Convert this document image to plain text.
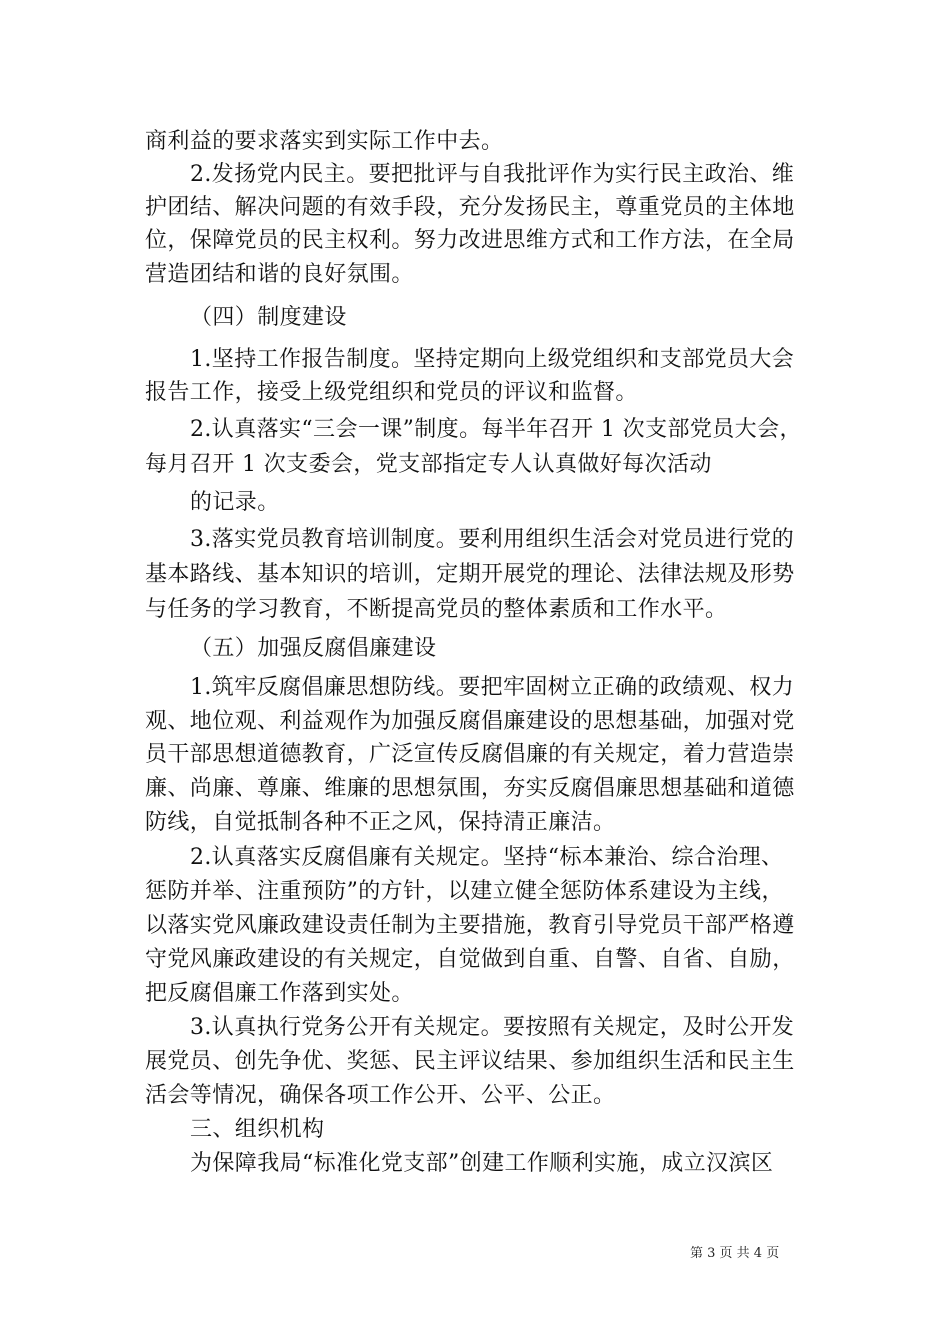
商利益的要求落实到实际工作中去。
2.发扬党内民主。要把批评与自我批评作为实行民主政治、维
护团结、解决问题的有效手段，充分发扬民主，尊重党员的主体地
位，保障党员的民主权利。努力改进思维方式和工作方法，在全局
营造团结和谐的良好氛围。
（四）制度建设
1.坚持工作报告制度。坚持定期向上级党组织和支部党员大会
报告工作，接受上级党组织和党员的评议和监督。
2.认真落实“三会一课”制度。每半年召开 1 次支部党员大会，
每月召开 1 次支委会，党支部指定专人认真做好每次活动
的记录。
3.落实党员教育培训制度。要利用组织生活会对党员进行党的
基本路线、基本知识的培训，定期开展党的理论、法律法规及形势
与任务的学习教育，不断提高党员的整体素质和工作水平。
（五）加强反腐倡廉建设
1.筑牢反腐倡廉思想防线。要把牢固树立正确的政绩观、权力
观、地位观、利益观作为加强反腐倡廉建设的思想基础，加强对党
员干部思想道德教育，广泛宣传反腐倡廉的有关规定，着力营造崇
廉、尚廉、尊廉、维廉的思想氛围，夯实反腐倡廉思想基础和道德
防线，自觉抵制各种不正之风，保持清正廉洁。
2.认真落实反腐倡廉有关规定。坚持“标本兼治、综合治理、
惩防并举、注重预防”的方针，以建立健全惩防体系建设为主线，
以落实党风廉政建设责任制为主要措施，教育引导党员干部严格遵
守党风廉政建设的有关规定，自觉做到自重、自警、自省、自励，
把反腐倡廉工作落到实处。
3.认真执行党务公开有关规定。要按照有关规定，及时公开发
展党员、创先争优、奖惩、民主评议结果、参加组织生活和民主生
活会等情况，确保各项工作公开、公平、公正。
三、组织机构
为保障我局“标准化党支部”创建工作顺利实施，成立汉滨区
第 3 页 共 4 页
